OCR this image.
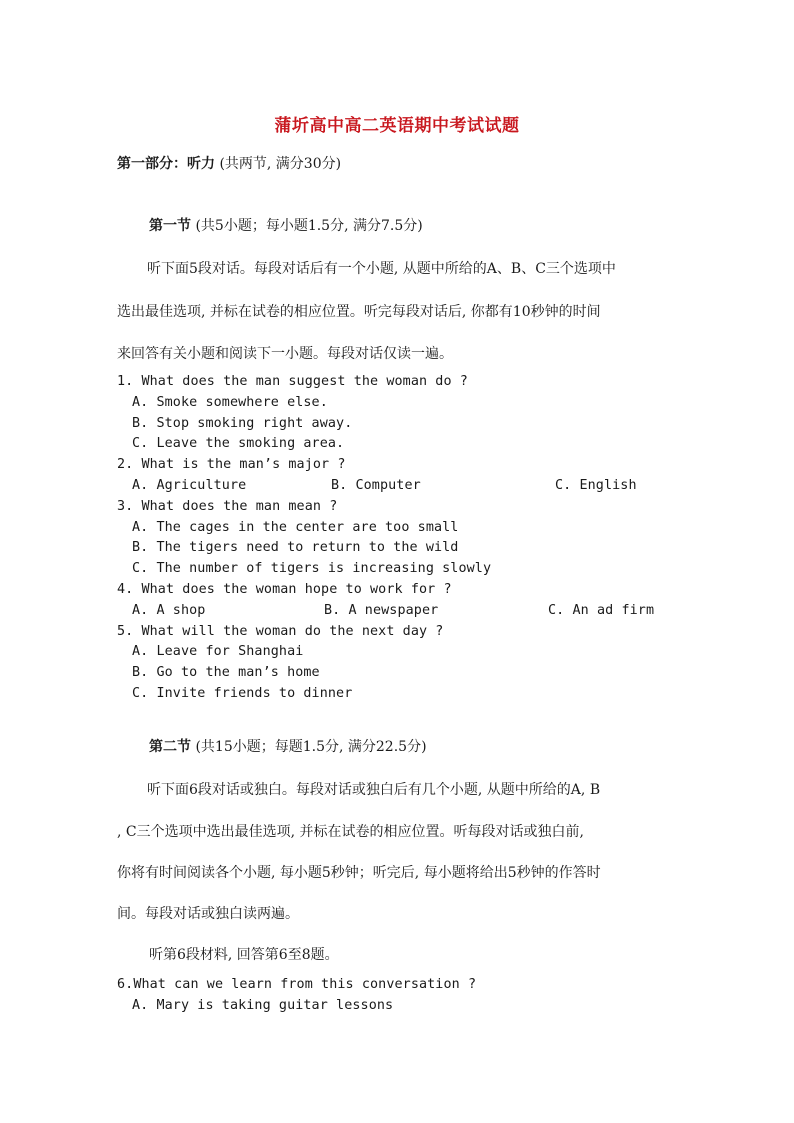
蒲圻高中高二英语期中考试试题
第一部分：听力 (共两节, 满分30分)
第一节 (共5小题；每小题1.5分, 满分7.5分)
听下面5段对话。每段对话后有一个小题, 从题中所给的A、B、C三个选项中
选出最佳选项, 并标在试卷的相应位置。听完每段对话后, 你都有10秒钟的时间
来回答有关小题和阅读下一小题。每段对话仅读一遍。
1. What does the man suggest the woman do ?
A. Smoke somewhere else.
B. Stop smoking right away.
C. Leave the smoking area.
2. What is the man’s major ?
A. Agriculture	B. Computer	C. English
3. What does the man mean ?
A. The cages in the center are too small
B. The tigers need to return to the wild
C. The number of tigers is increasing slowly
4. What does the woman hope to work for ?
A. A shop	B. A newspaper	C. An ad firm
5. What will the woman do the next day ?
A. Leave for Shanghai
B. Go to the man’s home
C. Invite friends to dinner
第二节 (共15小题；每题1.5分, 满分22.5分)
听下面6段对话或独白。每段对话或独白后有几个小题, 从题中所给的A, B
, C三个选项中选出最佳选项, 并标在试卷的相应位置。听每段对话或独白前,
你将有时间阅读各个小题, 每小题5秒钟；听完后, 每小题将给出5秒钟的作答时
间。每段对话或独白读两遍。
听第6段材料, 回答第6至8题。
6.What can we learn from this conversation ?
A. Mary is taking guitar lessons
